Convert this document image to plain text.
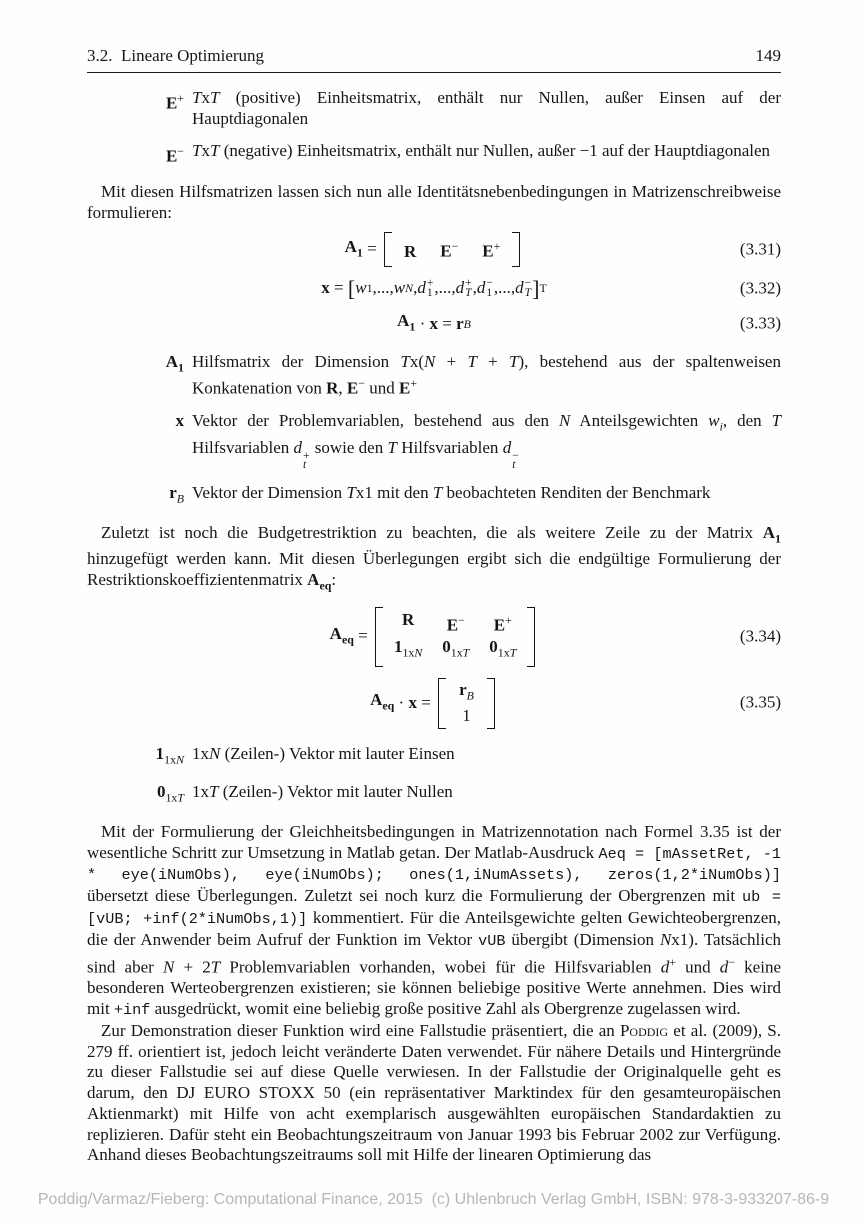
3.2.  Lineare Optimierung	149
E+ TxT (positive) Einheitsmatrix, enthält nur Nullen, außer Einsen auf der Hauptdiagonalen
E− TxT (negative) Einheitsmatrix, enthält nur Nullen, außer −1 auf der Hauptdiagonalen

Mit diesen Hilfsmatrizen lassen sich nun alle Identitätsnebenbedingungen in Matrizenschreibweise formulieren:

$A_1 = R$ E− E+	(3.31)
x = [ w 1 ,..., w N , d +
1 ,..., d +
T , d −
1 ,..., d −
T ] T	(3.32)
$A_1 \cdot x = r$ B	(3.33)
$A_1$ Hilfsmatrix der Dimension Tx(N + T + T), bestehend aus der spaltenweisen Konkatenation von R, E− und E+
x Vektor der Problemvariablen, bestehend aus den N Anteilsgewichten $w_i$, den T Hilfsvariablen d +
t
sowie den T Hilfsvariablen d −
t
$r_B$ Vektor der Dimension Tx1 mit den T beobachteten Renditen der Benchmark

Zuletzt ist noch die Budgetrestriktion zu beachten, die als weitere Zeile zu der Matrix $A_1$ hinzugefügt werden kann. Mit diesen Überlegungen ergibt sich die endgültige Formulierung der Restriktionskoeffizientenmatrix $A_{eq}$:

$A_{eq}$ =
R	E− E+
$1_{1xN}$ $0_{1xT}$ $0_{1xT}$
(3.34)
$A_{eq} \cdot x$ =
$r_B$
1
(3.35)
$1_{1xN}$ 1xN (Zeilen-) Vektor mit lauter Einsen
$0_{1xT}$ 1xT (Zeilen-) Vektor mit lauter Nullen

Mit der Formulierung der Gleichheitsbedingungen in Matrizennotation nach Formel 3.35 ist der wesentliche Schritt zur Umsetzung in Matlab getan. Der Matlab-Ausdruck Aeq = [mAssetRet, -1 * eye(iNumObs), eye(iNumObs); ones(1,iNumAssets), zeros(1,2*iNumObs)] übersetzt diese Überlegungen. Zuletzt sei noch kurz die Formulierung der Obergrenzen mit ub = [vUB; +inf(2*iNumObs,1)] kommentiert. Für die Anteilsgewichte gelten Gewichteobergrenzen, die der Anwender beim Aufruf der Funktion im Vektor vUB übergibt (Dimension Nx1). Tatsächlich sind aber N + 2T Problemvariablen vorhanden, wobei für die Hilfsvariablen d+ und d− keine besonderen Werteobergrenzen existieren; sie können beliebige positive Werte annehmen. Dies wird mit +inf ausgedrückt, womit eine beliebig große positive Zahl als Obergrenze zugelassen wird.

Zur Demonstration dieser Funktion wird eine Fallstudie präsentiert, die an Poddig et al. (2009), S. 279 ff. orientiert ist, jedoch leicht veränderte Daten verwendet. Für nähere Details und Hintergründe zu dieser Fallstudie sei auf diese Quelle verwiesen. In der Fallstudie der Originalquelle geht es darum, den DJ EURO STOXX 50 (ein repräsentativer Marktindex für den gesamteuropäischen Aktienmarkt) mit Hilfe von acht exemplarisch ausgewählten europäischen Standardaktien zu replizieren. Dafür steht ein Beobachtungszeitraum von Januar 1993 bis Februar 2002 zur Verfügung. Anhand dieses Beobachtungszeitraums soll mit Hilfe der linearen Optimierung das

Poddig/Varmaz/Fieberg: Computational Finance, 2015  (c) Uhlenbruch Verlag GmbH, ISBN: 978-3-933207-86-9
